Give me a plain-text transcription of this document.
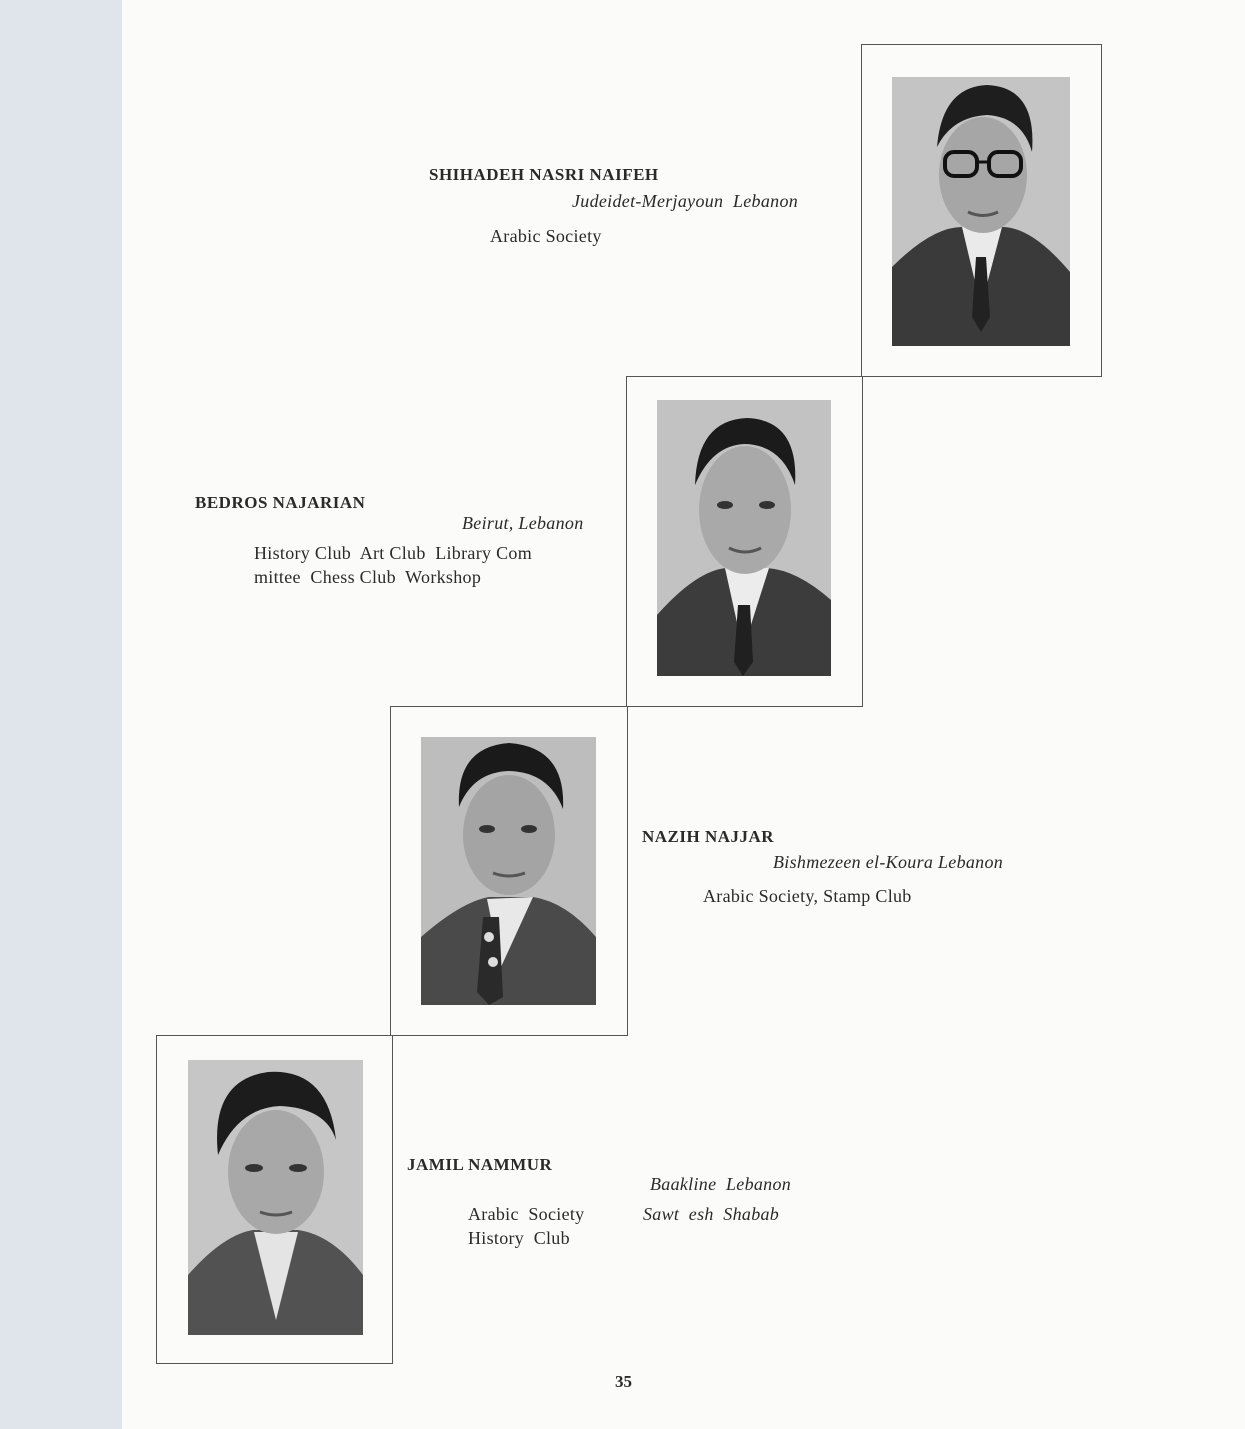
SHIHADEH NASRI NAIFEH
Judeidet-Merjayoun  Lebanon
Arabic Society
BEDROS NAJARIAN
Beirut, Lebanon
History Club  Art Club  Library Com
mittee  Chess Club  Workshop
NAZIH NAJJAR
Bishmezeen el-Koura Lebanon
Arabic Society, Stamp Club
JAMIL NAMMUR
Baakline  Lebanon
Arabic  Society	Sawt  esh  Shabab
History  Club
35
